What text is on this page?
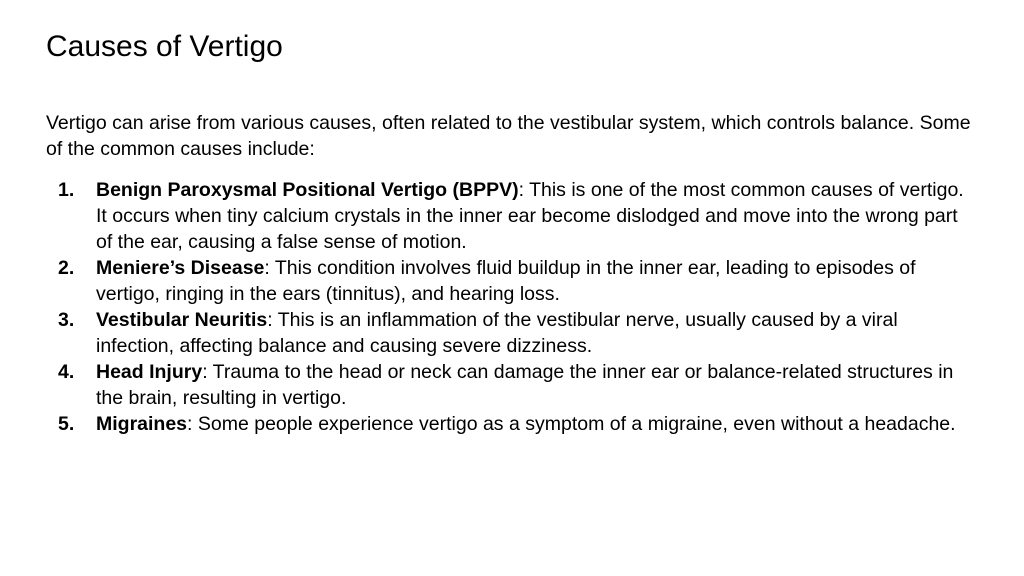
Causes of Vertigo

Vertigo can arise from various causes, often related to the vestibular system, which controls balance. Some of the common causes include:

1. Benign Paroxysmal Positional Vertigo (BPPV): This is one of the most common causes of vertigo. It occurs when tiny calcium crystals in the inner ear become dislodged and move into the wrong part of the ear, causing a false sense of motion.
2. Meniere’s Disease: This condition involves fluid buildup in the inner ear, leading to episodes of vertigo, ringing in the ears (tinnitus), and hearing loss.
3. Vestibular Neuritis: This is an inflammation of the vestibular nerve, usually caused by a viral infection, affecting balance and causing severe dizziness.
4. Head Injury: Trauma to the head or neck can damage the inner ear or balance-related structures in the brain, resulting in vertigo.
5. Migraines: Some people experience vertigo as a symptom of a migraine, even without a headache.
